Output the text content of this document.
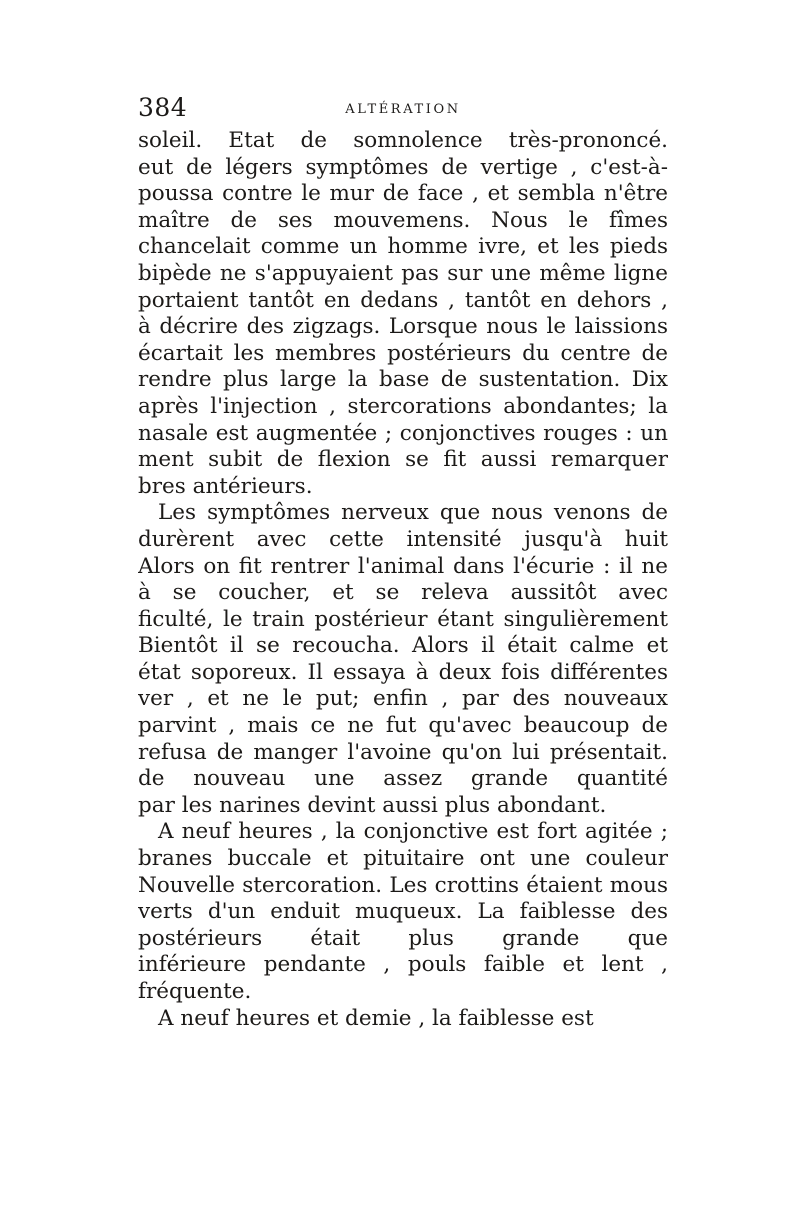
384	ALTÉRATION

soleil. Etat de somnolence très-prononcé.
eut de légers symptômes de vertige , c'est-à-
poussa contre le mur de face , et sembla n'être
maître de ses mouvemens. Nous le fîmes
chancelait comme un homme ivre, et les pieds
bipède ne s'appuyaient pas sur une même ligne
portaient tantôt en dedans , tantôt en dehors ,
à décrire des zigzags. Lorsque nous le laissions
écartait les membres postérieurs du centre de
rendre plus large la base de sustentation. Dix
après l'injection , stercorations abondantes; la
nasale est augmentée ; conjonctives rouges : un
ment subit de flexion se fit aussi remarquer
bres antérieurs.

Les symptômes nerveux que nous venons de
durèrent avec cette intensité jusqu'à huit
Alors on fit rentrer l'animal dans l'écurie : il ne
à se coucher, et se releva aussitôt avec
ficulté, le train postérieur étant singulièrement
Bientôt il se recoucha. Alors il était calme et
état soporeux. Il essaya à deux fois différentes
ver , et ne le put; enfin , par des nouveaux
parvint , mais ce ne fut qu'avec beaucoup de
refusa de manger l'avoine qu'on lui présentait.
de nouveau une assez grande quantité
par les narines devint aussi plus abondant.

A neuf heures , la conjonctive est fort agitée ;
branes buccale et pituitaire ont une couleur
Nouvelle stercoration. Les crottins étaient mous
verts d'un enduit muqueux. La faiblesse des
postérieurs était plus grande que
inférieure pendante , pouls faible et lent ,
fréquente.

A neuf heures et demie , la faiblesse est
